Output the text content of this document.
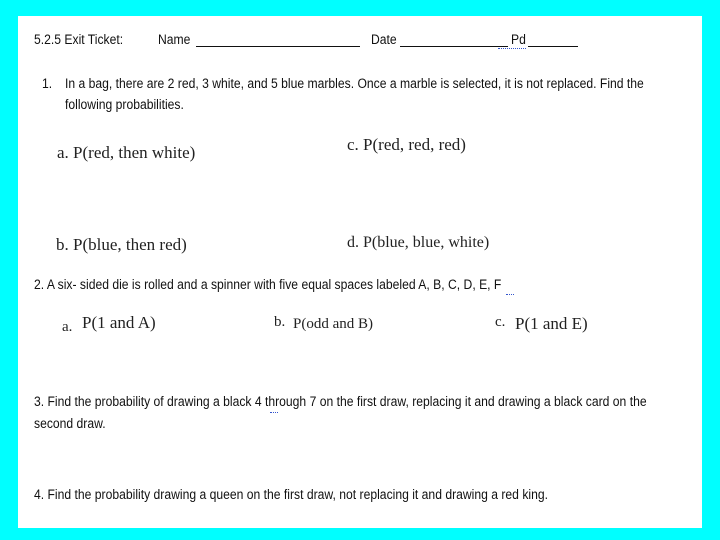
5.2.5 Exit Ticket:	Name	Date	Pd
1. In a bag, there are 2 red, 3 white, and 5 blue marbles. Once a marble is selected, it is not replaced. Find the
following probabilities.
a. P(red, then white)	c. P(red, red, red)
b. P(blue, then red)	d. P(blue, blue, white)
2. A six- sided die is rolled and a spinner with five equal spaces labeled A, B, C, D, E, F
a. P(1 and A)	b. P(odd and B)	c. P(1 and E)
3. Find the probability of drawing a black 4 through 7 on the first draw, replacing it and drawing a black card on the
second draw.
4. Find the probability drawing a queen on the first draw, not replacing it and drawing a red king.
